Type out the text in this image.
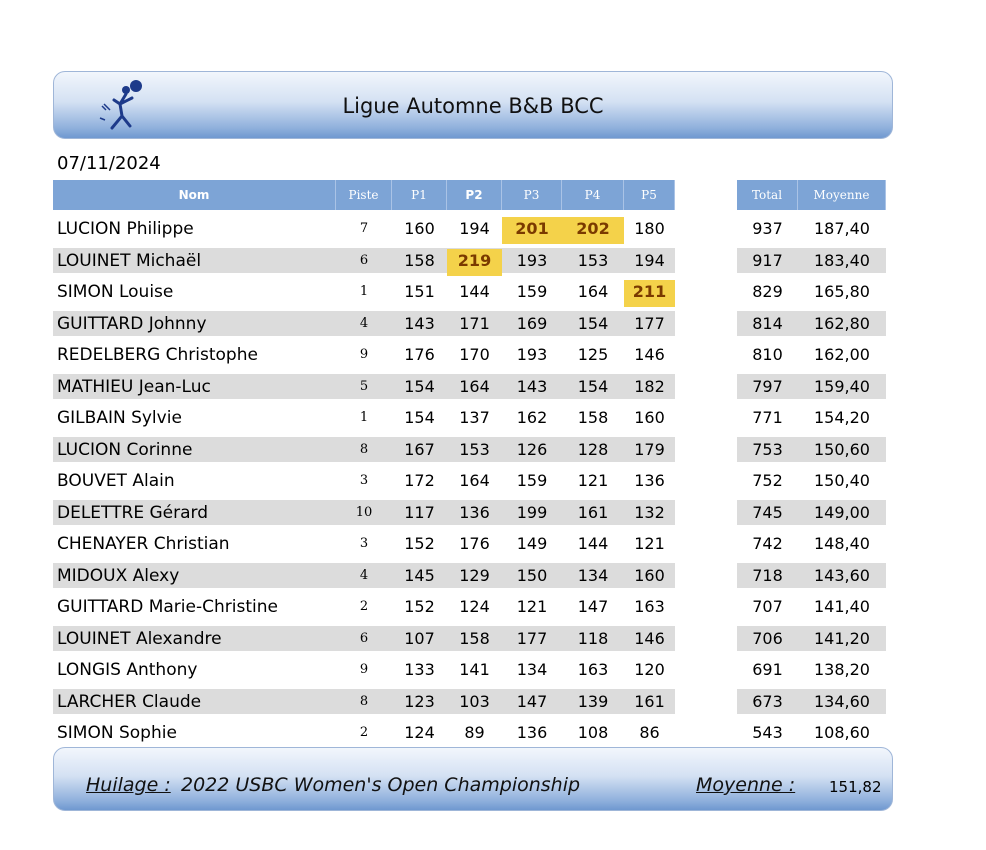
Ligue Automne B&B BCC
07/11/2024
Nom	Piste	P1	P2	P3	P4	P5	Total	Moyenne
LUCION Philippe	7	160	194	201	202	180	937	187,40
LOUINET Michaël	6	158	219	193	153	194	917	183,40
SIMON Louise	1	151	144	159	164	211	829	165,80
GUITTARD Johnny	4	143	171	169	154	177	814	162,80
REDELBERG Christophe	9	176	170	193	125	146	810	162,00
MATHIEU Jean-Luc	5	154	164	143	154	182	797	159,40
GILBAIN Sylvie	1	154	137	162	158	160	771	154,20
LUCION Corinne	8	167	153	126	128	179	753	150,60
BOUVET Alain	3	172	164	159	121	136	752	150,40
DELETTRE Gérard	10	117	136	199	161	132	745	149,00
CHENAYER Christian	3	152	176	149	144	121	742	148,40
MIDOUX Alexy	4	145	129	150	134	160	718	143,60
GUITTARD Marie-Christine	2	152	124	121	147	163	707	141,40
LOUINET Alexandre	6	107	158	177	118	146	706	141,20
LONGIS Anthony	9	133	141	134	163	120	691	138,20
LARCHER Claude	8	123	103	147	139	161	673	134,60
SIMON Sophie	2	124	89	136	108	86	543	108,60
Huilage : 2022 USBC Women's Open Championship	Moyenne : 151,82
